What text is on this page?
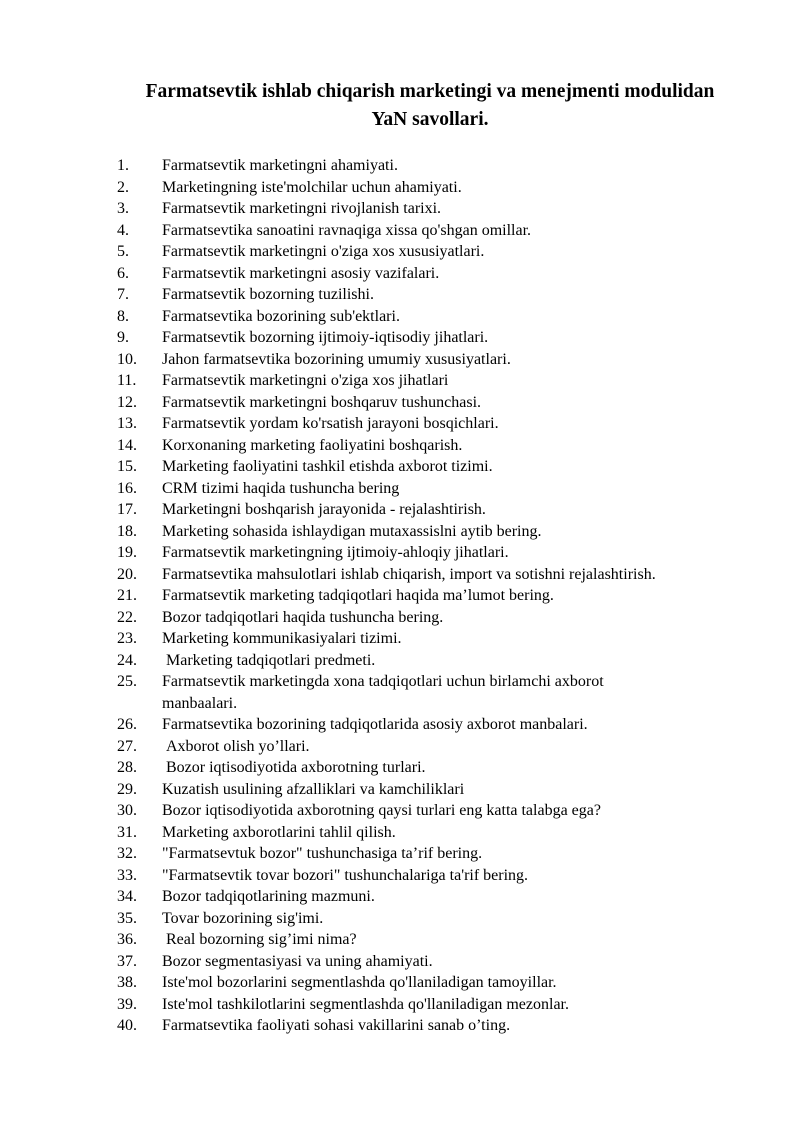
Farmatsevtik ishlab chiqarish marketingi va menejmenti modulidan
YaN savollari.
1.	Farmatsevtik marketingni ahamiyati.
2.	Marketingning iste'molchilar uchun ahamiyati.
3.	Farmatsevtik marketingni rivojlanish tarixi.
4.	Farmatsevtika sanoatini ravnaqiga xissa qo'shgan omillar.
5.	Farmatsevtik marketingni o'ziga xos xususiyatlari.
6.	Farmatsevtik marketingni asosiy vazifalari.
7.	Farmatsevtik bozorning tuzilishi.
8.	Farmatsevtika bozorining sub'ektlari.
9.	Farmatsevtik bozorning ijtimoiy-iqtisodiy jihatlari.
10.	Jahon farmatsevtika bozorining umumiy xususiyatlari.
11.	Farmatsevtik marketingni o'ziga xos jihatlari
12.	Farmatsevtik marketingni boshqaruv tushunchasi.
13.	Farmatsevtik yordam ko'rsatish jarayoni bosqichlari.
14.	Korxonaning marketing faoliyatini boshqarish.
15.	Marketing faoliyatini tashkil etishda axborot tizimi.
16.	CRM tizimi haqida tushuncha bering
17.	Marketingni boshqarish jarayonida - rejalashtirish.
18.	Marketing sohasida ishlaydigan mutaxassislni aytib bering.
19.	Farmatsevtik marketingning ijtimoiy-ahloqiy jihatlari.
20.	Farmatsevtika mahsulotlari ishlab chiqarish, import va sotishni rejalashtirish.
21.	Farmatsevtik marketing tadqiqotlari haqida ma’lumot bering.
22.	Bozor tadqiqotlari haqida tushuncha bering.
23.	Marketing kommunikasiyalari tizimi.
24.	Marketing tadqiqotlari predmeti.
25.	Farmatsevtik marketingda xona tadqiqotlari uchun birlamchi axborot
manbaalari.
26.	Farmatsevtika bozorining tadqiqotlarida asosiy axborot manbalari.
27.	Axborot olish yo’llari.
28.	Bozor iqtisodiyotida axborotning turlari.
29.	Kuzatish usulining afzalliklari va kamchiliklari
30.	Bozor iqtisodiyotida axborotning qaysi turlari eng katta talabga ega?
31.	Marketing axborotlarini tahlil qilish.
32.	"Farmatsevtuk bozor" tushunchasiga ta’rif bering.
33.	"Farmatsevtik tovar bozori" tushunchalariga ta'rif bering.
34.	Bozor tadqiqotlarining mazmuni.
35.	Tovar bozorining sig'imi.
36.	Real bozorning sig’imi nima?
37.	Bozor segmentasiyasi va uning ahamiyati.
38.	Iste'mol bozorlarini segmentlashda qo'llaniladigan tamoyillar.
39.	Iste'mol tashkilotlarini segmentlashda qo'llaniladigan mezonlar.
40.	Farmatsevtika faoliyati sohasi vakillarini sanab o’ting.
